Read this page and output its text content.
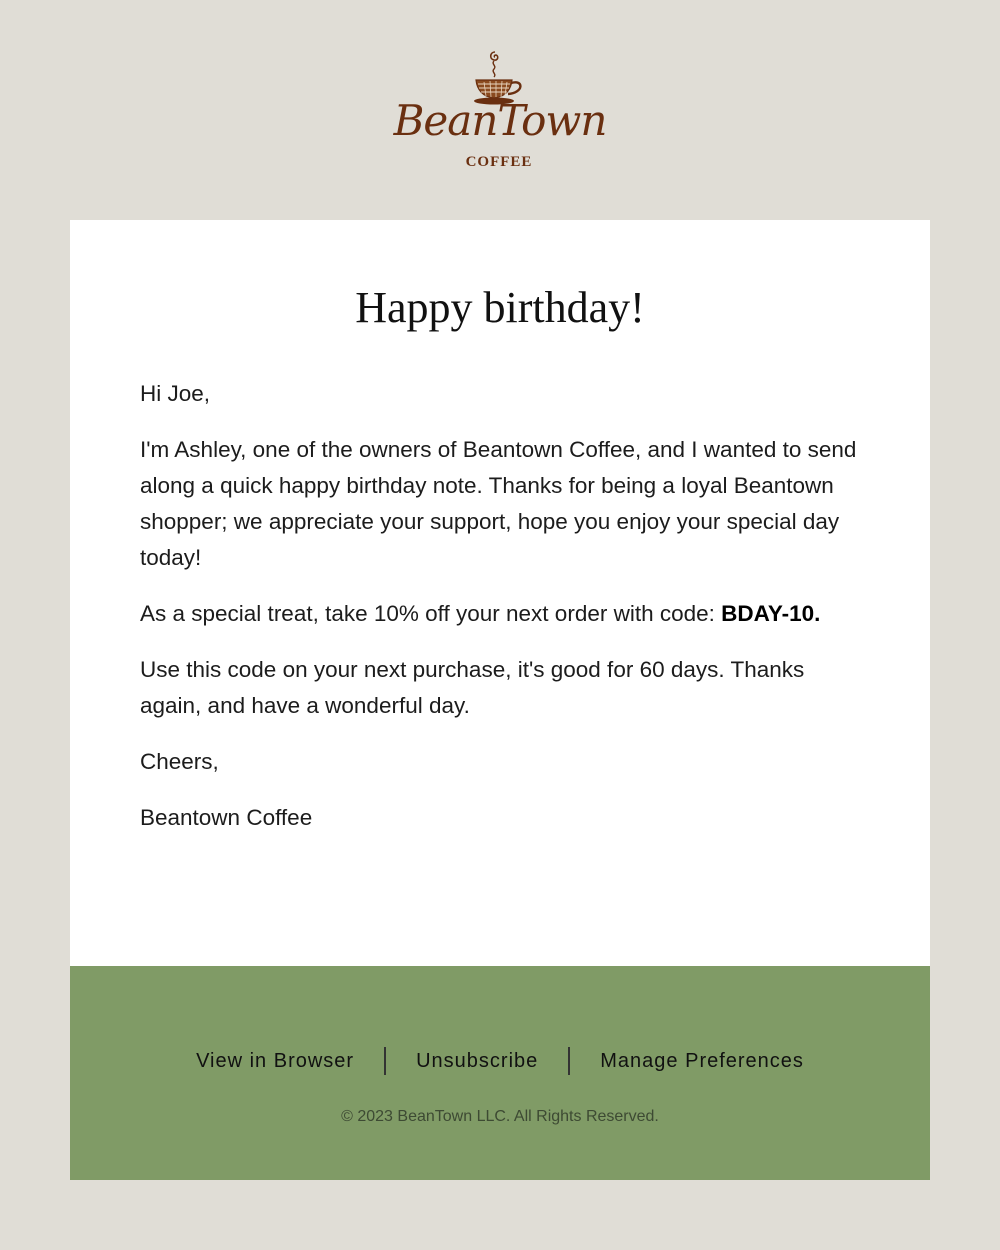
BeanTown
COFFEE
Happy birthday!

Hi Joe,

I'm Ashley, one of the owners of Beantown Coffee, and I wanted to send along a quick happy birthday note. Thanks for being a loyal Beantown shopper; we appreciate your support, hope you enjoy your special day today!

As a special treat, take 10% off your next order with code: BDAY-10.

Use this code on your next purchase, it's good for 60 days. Thanks again, and have a wonderful day.

Cheers,

Beantown Coffee

View in Browser	Unsubscribe	Manage Preferences
© 2023 BeanTown LLC. All Rights Reserved.
